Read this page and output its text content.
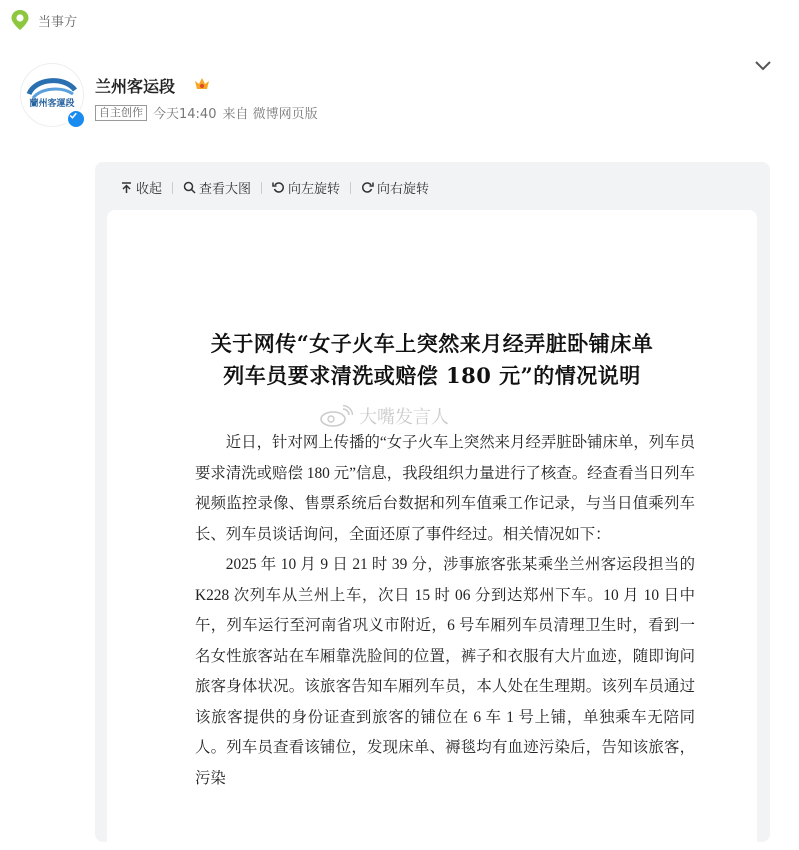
当事方
蘭州客運段
兰州客运段
自主创作 今天14:40 来自 微博网页版
收起	查看大图	向左旋转	向右旋转
关于网传“女子火车上突然来月经弄脏卧铺床单
列车员要求清洗或赔偿 180 元”的情况说明
大嘴发言人

近日，针对网上传播的“女子火车上突然来月经弄脏卧铺床单，列车员要求清洗或赔偿 180 元”信息，我段组织力量进行了核查。经查看当日列车视频监控录像、售票系统后台数据和列车值乘工作记录，与当日值乘列车长、列车员谈话询问，全面还原了事件经过。相关情况如下：

2025 年 10 月 9 日 21 时 39 分，涉事旅客张某乘坐兰州客运段担当的 K228 次列车从兰州上车，次日 15 时 06 分到达郑州下车。10 月 10 日中午，列车运行至河南省巩义市附近，6 号车厢列车员清理卫生时，看到一名女性旅客站在车厢靠洗脸间的位置，裤子和衣服有大片血迹，随即询问旅客身体状况。该旅客告知车厢列车员，本人处在生理期。该列车员通过该旅客提供的身份证查到旅客的铺位在 6 车 1 号上铺，单独乘车无陪同人。列车员查看该铺位，发现床单、褥毯均有血迹污染后，告知该旅客，污染
